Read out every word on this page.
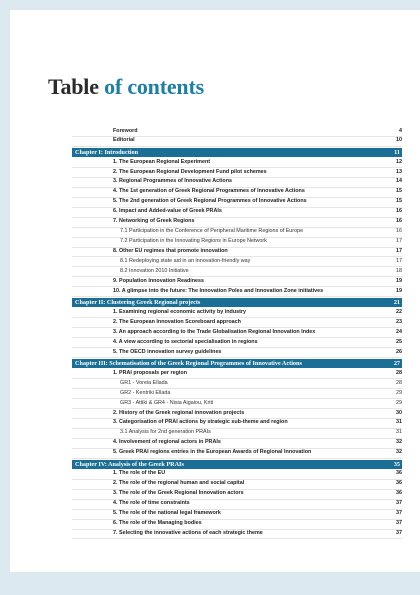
Table of contents
Foreword	4
Editorial	10
Chapter I: Introduction	11
1. The European Regional Experiment	12
2. The European Regional Development Fund pilot schemes	13
3. Regional Programmes of Innovative Actions	14
4. The 1st generation of Greek Regional Programmes of Innovative Actions	15
5. The 2nd generation of Greek Regional Programmes of Innovative Actions	15
6. Impact and Added-value of Greek PRAIs	16
7. Networking of Greek Regions	16
7.1 Participation in the Conference of Peripheral Maritime Regions of Europe	16
7.2 Participation in the Innovating Regions in Europe Network	17
8. Other EU regimes that promote innovation	17
8.1 Redeploying state aid in an innovation-friendly way	17
8.2 Innovation 2010 Initiative	18
9. Population Innovation Readiness	19
10. A glimpse into the future: The Innovation Poles and Innovation Zone initiatives	19
Chapter II: Clustering Greek Regional projects	21
1. Examining regional economic activity by industry	22
2. The European Innovation Scoreboard approach	23
3. An approach according to the Trade Globalisation Regional Innovation Index	24
4. A view according to sectorial specialisation in regions	25
5. The OECD innovation survey guidelines	26
Chapter III: Schematisation of the Greek Regional Programmes of Innovative Actions	27
1. PRAI proposals per region	28
GR1 - Voreia Ellada	28
GR2 - Kentriki Ellada	29
GR3 - Attiki & GR4 - Nisia Aigaiou, Kriti	29
2. History of the Greek regional innovation projects	30
3. Categorisation of PRAI actions by strategic sub-theme and region	31
3.1 Analysis for 2nd generation PRAIs	31
4. Involvement of regional actors in PRAIs	32
5. Greek PRAI regions entries in the European Awards of Regional Innovation	32
Chapter IV: Analysis of the Greek PRAIs	35
1. The role of the EU	36
2. The role of the regional human and social capital	36
3. The role of the Greek Regional Innovation actors	36
4. The role of time constraints	37
5. The role of the national legal framework	37
6. The role of the Managing bodies	37
7. Selecting the innovative actions of each strategic theme	37
